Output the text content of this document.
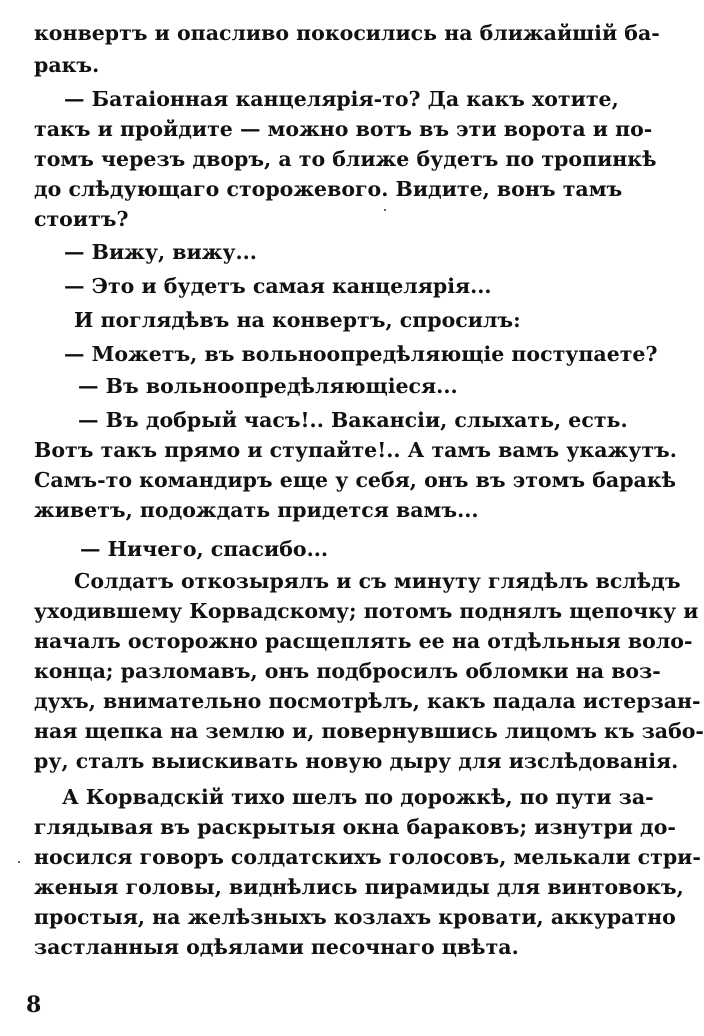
конвертъ и опасливо покосились на ближайшій ба-
ракъ.
— Батаіонная канцелярія-то? Да какъ хотите,
такъ и пройдите — можно вотъ въ эти ворота и по-
томъ черезъ дворъ, а то ближе будетъ по тропинкѣ
до слѣдующаго сторожевого. Видите, вонъ тамъ
стоитъ?
— Вижу, вижу...
— Это и будетъ самая канцелярія...
И поглядѣвъ на конвертъ, спросилъ:
— Можетъ, въ вольноопредѣляющіе поступаете?
— Въ вольноопредѣляющіеся...
— Въ добрый часъ!.. Вакансіи, слыхать, есть.
Вотъ такъ прямо и ступайте!.. А тамъ вамъ укажутъ.
Самъ-то командиръ еще у себя, онъ въ этомъ баракѣ
живетъ, подождать придется вамъ...
— Ничего, спасибо...
Солдатъ откозырялъ и съ минуту глядѣлъ вслѣдъ
уходившему Корвадскому; потомъ поднялъ щепочку и
началъ осторожно расщеплять ее на отдѣльныя воло-
конца; разломавъ, онъ подбросилъ обломки на воз-
духъ, внимательно посмотрѣлъ, какъ падала истерзан-
ная щепка на землю и, повернувшись лицомъ къ забо-
ру, сталъ выискивать новую дыру для изслѣдованія.
А Корвадскій тихо шелъ по дорожкѣ, по пути за-
глядывая въ раскрытыя окна бараковъ; изнутри до-
носился говоръ солдатскихъ голосовъ, мелькали стри-
женыя головы, виднѣлись пирамиды для винтовокъ,
простыя, на желѣзныхъ козлахъ кровати, аккуратно
застланныя одѣялами песочнаго цвѣта.
8
